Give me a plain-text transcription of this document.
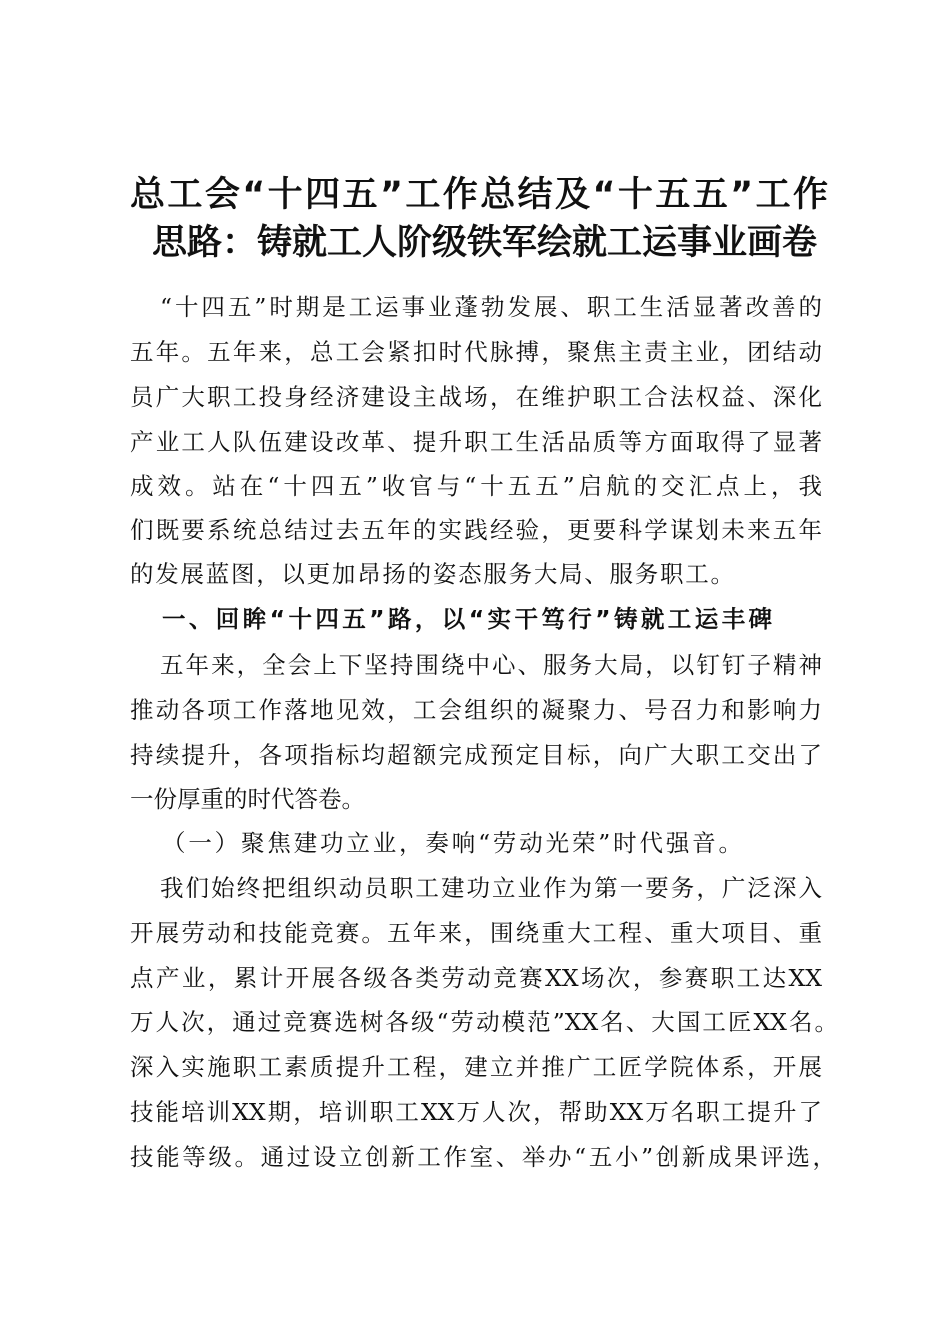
总工会“十四五”工作总结及“十五五”工作
思路：铸就工人阶级铁军绘就工运事业画卷
“十四五”时期是工运事业蓬勃发展、职工生活显著改善的
五年。五年来，总工会紧扣时代脉搏，聚焦主责主业，团结动
员广大职工投身经济建设主战场，在维护职工合法权益、深化
产业工人队伍建设改革、提升职工生活品质等方面取得了显著
成效。站在“十四五”收官与“十五五”启航的交汇点上，我
们既要系统总结过去五年的实践经验，更要科学谋划未来五年
的发展蓝图，以更加昂扬的姿态服务大局、服务职工。
一、回眸“十四五”路，以“实干笃行”铸就工运丰碑
五年来，全会上下坚持围绕中心、服务大局，以钉钉子精神
推动各项工作落地见效，工会组织的凝聚力、号召力和影响力
持续提升，各项指标均超额完成预定目标，向广大职工交出了
一份厚重的时代答卷。
（一）聚焦建功立业，奏响“劳动光荣”时代强音。
我们始终把组织动员职工建功立业作为第一要务，广泛深入
开展劳动和技能竞赛。五年来，围绕重大工程、重大项目、重
点产业，累计开展各级各类劳动竞赛XX场次，参赛职工达XX
万人次，通过竞赛选树各级“劳动模范”XX名、大国工匠XX名。
深入实施职工素质提升工程，建立并推广工匠学院体系，开展
技能培训XX期，培训职工XX万人次，帮助XX万名职工提升了
技能等级。通过设立创新工作室、举办“五小”创新成果评选，
